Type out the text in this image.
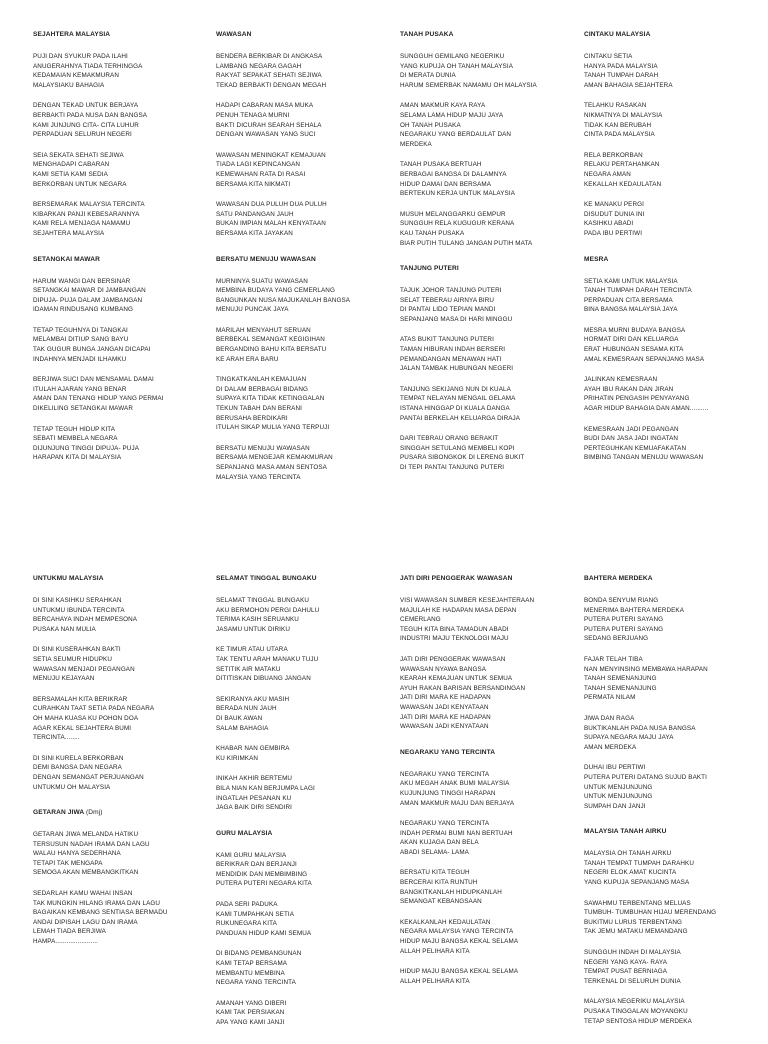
SEJAHTERA MALAYSIA
PUJI DAN SYUKUR PADA ILAHI
ANUGERAHNYA TIADA TERHINGGA
KEDAMAIAN KEMAKMURAN
MALAYSIAKU BAHAGIA
DENGAN TEKAD UNTUK BERJAYA
BERBAKTI PADA NUSA DAN BANGSA
KAMI JUNJUNG CITA- CITA LUHUR
PERPADUAN SELURUH NEGERI
SEIA SEKATA SEHATI SEJIWA
MENGHADAPI CABARAN
KAMI SETIA KAMI SEDIA
BERKORBAN UNTUK NEGARA
BERSEMARAK MALAYSIA TERCINTA
KIBARKAN PANJI KEBESARANNYA
KAMI RELA MENJAGA NAMAMU
SEJAHTERA MALAYSIA
SETANGKAI MAWAR
HARUM WANGI DAN BERSINAR
SETANGKAI MAWAR DI JAMBANGAN
DIPUJA- PUJA DALAM JAMBANGAN
IDAMAN RINDUSANG KUMBANG
TETAP TEGUHNYA DI TANGKAI
MELAMBAI DITIUP SANG BAYU
TAK GUGUR BUNGA JANGAN DICAPAI
INDAHNYA MENJADI ILHAMKU
BERJIWA SUCI DAN MENSAMAL DAMAI
ITULAH AJARAN YANG BENAR
AMAN DAN TENANG HIDUP YANG PERMAI
DIKELILING SETANGKAI MAWAR
TETAP TEGUH HIDUP KITA
SEBATI MEMBELA NEGARA
DIJUNJUNG TINGGI DIPUJA- PUJA
HARAPAN KITA DI MALAYSIA
WAWASAN
BENDERA BERKIBAR DI ANGKASA
LAMBANG NEGARA GAGAH
RAKYAT SEPAKAT SEHATI SEJIWA
TEKAD BERBAKTI DENGAN MEGAH
HADAPI CABARAN MASA MUKA
PENUH TENAGA MURNI
BAKTI DICURAH SEARAH SEHALA
DENGAN WAWASAN YANG SUCI
WAWASAN MENINGKAT KEMAJUAN
TIADA LAGI KEPINCANGAN
KEMEWAHAN RATA DI RASAI
BERSAMA KITA NIKMATI
WAWASAN DUA PULUH DUA PULUH
SATU PANDANGAN JAUH
BUKAN IMPIAN MALAH KENYATAAN
BERSAMA KITA JAYAKAN
BERSATU MENUJU WAWASAN
MURNINYA SUATU WAWASAN
MEMBINA BUDAYA YANG CEMERLANG
BANGUNKAN NUSA MAJUKANLAH BANGSA
MENUJU PUNCAK JAYA
MARILAH MENYAHUT SERUAN
BERBEKAL SEMANGAT KEGIGIHAN
BERGANDING BAHU KITA BERSATU
KE ARAH ERA BARU
TINGKATKANLAH KEMAJUAN
DI DALAM BERBAGAI BIDANG
SUPAYA KITA TIDAK KETINGGALAN
TEKUN TABAH DAN BERANI
BERUSAHA BERDIKARI
ITULAH SIKAP MULIA YANG TERPUJI
BERSATU MENUJU WAWASAN
BERSAMA MENGEJAR KEMAKMURAN
SEPANJANG MASA AMAN SENTOSA
MALAYSIA YANG TERCINTA
TANAH PUSAKA
SUNGGUH GEMILANG NEGERIKU
YANG KUPUJA OH TANAH MALAYSIA
DI MERATA DUNIA
HARUM SEMERBAK NAMAMU OH MALAYSIA
AMAN MAKMUR KAYA RAYA
SELAMA LAMA HIDUP MAJU JAYA
OH TANAH PUSAKA
NEGARAKU YANG BERDAULAT DAN
MERDEKA
TANAH PUSAKA BERTUAH
BERBAGAI BANGSA DI DALAMNYA
HIDUP DAMAI DAN BERSAMA
BERTEKUN KERJA UNTUK MALAYSIA
MUSUH MELANGGARKU GEMPUR
SUNGGUH RELA KUGUGUR KERANA
KAU TANAH PUSAKA
BIAR PUTIH TULANG JANGAN PUTIH MATA
TANJUNG PUTERI
TAJUK JOHOR TANJUNG PUTERI
SELAT TEBERAU AIRNYA BIRU
DI PANTAI LIDO TEPIAN MANDI
SEPANJANG MASA DI HARI MINGGU
ATAS BUKIT TANJUNG PUTERI
TAMAN HIBURAN INDAH BERSERI
PEMANDANGAN MENAWAN HATI
JALAN TAMBAK HUBUNGAN NEGERI
TANJUNG SEKIJANG NUN DI KUALA
TEMPAT NELAYAN MENGAIL GELAMA
ISTANA HINGGAP DI KUALA DANGA
PANTAI BERKELAH KELUARGA DIRAJA
DARI TEBRAU ORANG BERAKIT
SINGGAH SETULANG MEMBELI KOPI
PUSARA SIBONGKOK DI LERENG BUKIT
DI TEPI PANTAI TANJUNG PUTERI
CINTAKU MALAYSIA
CINTAKU SETIA
HANYA PADA MALAYSIA
TANAH TUMPAH DARAH
AMAN BAHAGIA SEJAHTERA
TELAHKU RASAKAN
NIKMATNYA DI MALAYSIA
TIDAK KAN BERUBAH
CINTA PADA MALAYSIA
RELA BERKORBAN
RELAKU PERTAHANKAN
NEGARA AMAN
KEKALLAH KEDAULATAN
KE MANAKU PERGI
DISUDUT DUNIA INI
KASIHKU ABADI
PADA IBU PERTIWI
MESRA
SETIA KAMI UNTUK MALAYSIA
TANAH TUMPAH DARAH TERCINTA
PERPADUAN CITA BERSAMA
BINA BANGSA MALAYSIA JAYA
MESRA MURNI BUDAYA BANGSA
HORMAT DIRI DAN KELUARGA
ERAT HUBUNGAN SESAMA KITA
AMAL KEMESRAAN SEPANJANG MASA
JALINKAN KEMESRAAN
AYAH IBU RAKAN DAN JIRAN
PRIHATIN PENGASIH PENYAYANG
AGAR HIDUP BAHAGIA DAN AMAN..........
KEMESRAAN JADI PEGANGAN
BUDI DAN JASA JADI INGATAN
PERTEGUHKAN KEMUAFAKATAN
BIMBING TANGAN MENUJU WAWASAN
UNTUKMU MALAYSIA
DI SINI KASIHKU SERAHKAN
UNTUKMU IBUNDA TERCINTA
BERCAHAYA INDAH MEMPESONA
PUSAKA NAN MULIA
DI SINI KUSERAHKAN BAKTI
SETIA SEUMUR HIDUPKU
WAWASAN MENJADI PEGANGAN
MENUJU KEJAYAAN
BERSAMALAH KITA BERIKRAR
CURAHKAN TAAT SETIA PADA NEGARA
OH MAHA KUASA KU POHON DOA
AGAR KEKAL SEJAHTERA BUMI
TERCINTA........
DI SINI KURELA BERKORBAN
DEMI BANGSA DAN NEGARA
DENGAN SEMANGAT PERJUANGAN
UNTUKMU OH MALAYSIA
GETARAN JIWA (Dmj)
GETARAN JIWA MELANDA HATIKU
TERSUSUN NADAH IRAMA DAN LAGU
WALAU HANYA SEDERHANA
TETAPI TAK MENGAPA
SEMOGA AKAN MEMBANGKITKAN
SEDARLAH KAMU WAHAI INSAN
TAK MUNGKIN HILANG IRAMA DAN LAGU
BAGAIKAN KEMBANG SENTIASA BERMADU
ANDAI DIPISAH LAGU DAN IRAMA
LEMAH TIADA BERJIWA
HAMPA.......................
SELAMAT TINGGAL BUNGAKU
SELAMAT TINGGAL BUNGAKU
AKU BERMOHON PERGI DAHULU
TERIMA KASIH SERUANKU
JASAMU UNTUK DIRIKU
KE TIMUR ATAU UTARA
TAK TENTU ARAH MANAKU TUJU
SETITIK AIR MATAKU
DITITISKAN DIBUANG JANGAN
SEKIRANYA AKU MASIH
BERADA NUN JAUH
DI BAUK AWAN
SALAM BAHAGIA
KHABAR NAN GEMBIRA
KU KIRIMKAN
INIKAH AKHIR BERTEMU
BILA NIAN KAN BERJUMPA LAGI
INGATLAH PESANAN KU
JAGA BAIK DIRI SENDIRI
GURU MALAYSIA
KAMI GURU MALAYSIA
BERIKRAR DAN BERJANJI
MENDIDIK DAN MEMBIMBING
PUTERA PUTERI NEGARA KITA
PADA SERI PADUKA
KAMI TUMPAHKAN SETIA
RUKUNEGARA KITA
PANDUAN HIDUP KAMI SEMUA
DI BIDANG PEMBANGUNAN
KAMI TETAP BERSAMA
MEMBANTU MEMBINA
NEGARA YANG TERCINTA
AMANAH YANG DIBERI
KAMI TAK PERSIAKAN
APA YANG KAMI JANJI
JATI DIRI PENGGERAK WAWASAN
VISI WAWASAN SUMBER KESEJAHTERAAN
MAJULAH KE HADAPAN MASA DEPAN
CEMERLANG
TEGUH KITA BINA TAMADUN ABADI
INDUSTRI MAJU TEKNOLOGI MAJU
JATI DIRI PENGGERAK WAWASAN
WAWASAN NYAWA BANGSA
KEARAH KEMAJUAN UNTUK SEMUA
AYUH RAKAN BARISAN BERSANDINGAN
JATI DIRI MARA KE HADAPAN
WAWASAN JADI KENYATAAN
JATI DIRI MARA KE HADAPAN
WAWASAN JADI KENYATAAN
NEGARAKU YANG TERCINTA
NEGARAKU YANG TERCINTA
AKU MEGAH ANAK BUMI MALAYSIA
KUJUNJUNG TINGGI HARAPAN
AMAN MAKMUR MAJU DAN BERJAYA
NEGARAKU YANG TERCINTA
INDAH PERMAI BUMI NAN BERTUAH
AKAN KUJAGA DAN BELA
ABADI SELAMA- LAMA
BERSATU KITA TEGUH
BERCERAI KITA RUNTUH
BANGKITKANLAH HIDUPKANLAH
SEMANGAT KEBANGSAAN
KEKALKANLAH KEDAULATAN
NEGARA MALAYSIA YANG TERCINTA
HIDUP MAJU BANGSA KEKAL SELAMA
ALLAH PELIHARA KITA
HIDUP MAJU BANGSA KEKAL SELAMA
ALLAH PELIHARA KITA
BAHTERA MERDEKA
BONDA SENYUM RIANG
MENERIMA BAHTERA MERDEKA
PUTERA PUTERI SAYANG
PUTERA PUTERI SAYANG
SEDANG BERJUANG
FAJAR TELAH TIBA
NAN MENYINSING MEMBAWA HARAPAN
TANAH SEMENANJUNG
TANAH SEMENANJUNG
PERMATA NILAM
JIWA DAN RAGA
BUKTIKANLAH PADA NUSA BANGSA
SUPAYA NEGARA MAJU JAYA
AMAN MERDEKA
DUHAI IBU PERTIWI
PUTERA PUTERI DATANG SUJUD BAKTI
UNTUK MENJUNJUNG
UNTUK MENJUNJUNG
SUMPAH DAN JANJI
MALAYSIA TANAH AIRKU
MALAYSIA OH TANAH AIRKU
TANAH TEMPAT TUMPAH DARAHKU
NEGERI ELOK AMAT KUCINTA
YANG KUPUJA SEPANJANG MASA
SAWAHMU TERBENTANG MELUAS
TUMBUH- TUMBUHAN HIJAU MERENDANG
BUKITMU LURUS TERBENTANG
TAK JEMU MATAKU MEMANDANG
SUNGGUH INDAH DI MALAYSIA
NEGERI YANG KAYA- RAYA
TEMPAT PUSAT BERNIAGA
TERKENAL DI SELURUH DUNIA
MALAYSIA NEGERIKU MALAYSIA
PUSAKA TINGGALAN MOYANGKU
TETAP SENTOSA HIDUP MERDEKA
